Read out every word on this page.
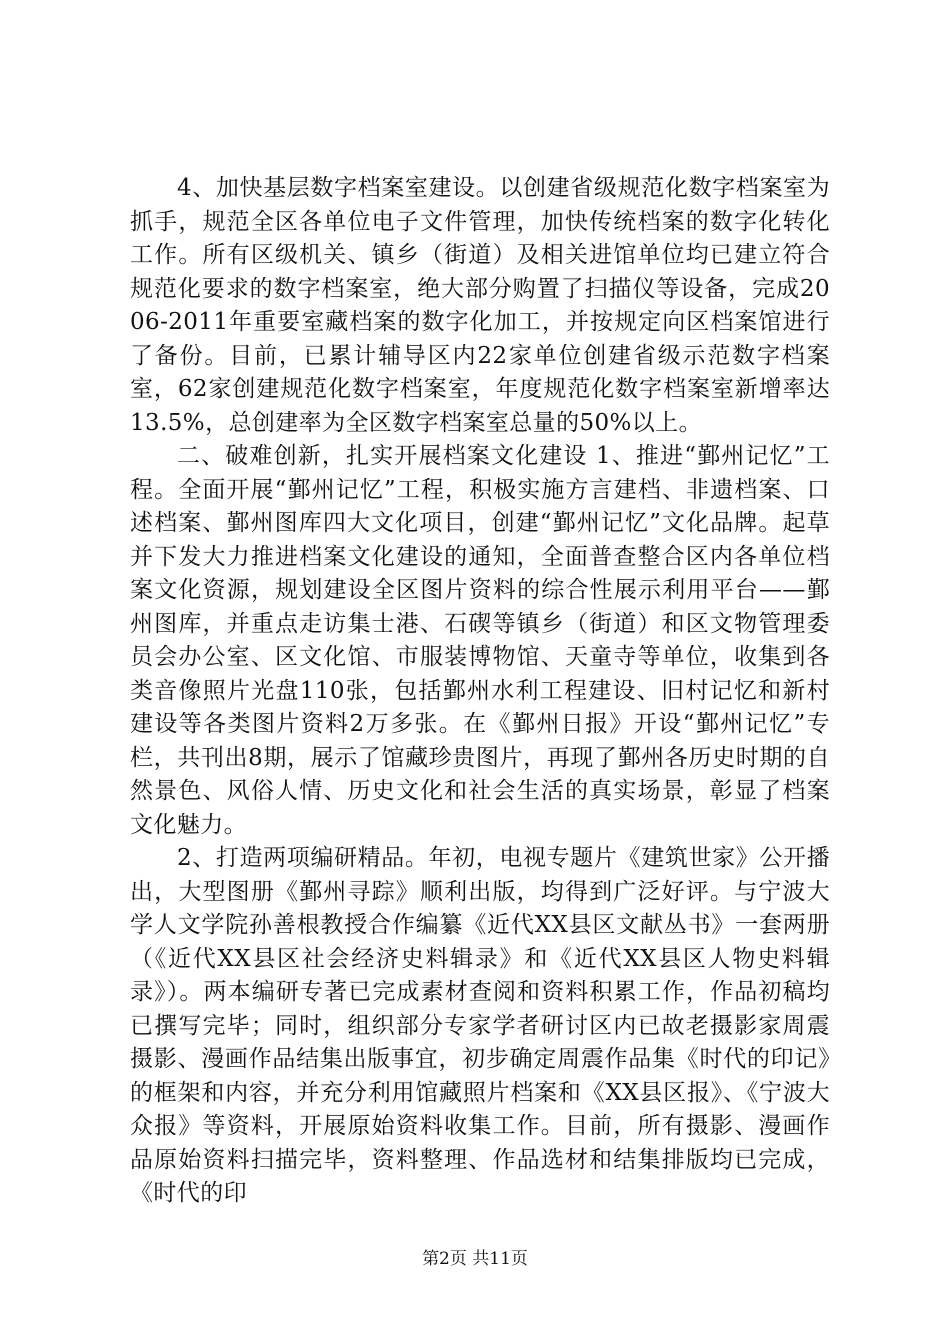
4、加快基层数字档案室建设。以创建省级规范化数字档案室为抓手，规范全区各单位电子文件管理，加快传统档案的数字化转化工作。所有区级机关、镇乡（街道）及相关进馆单位均已建立符合规范化要求的数字档案室，绝大部分购置了扫描仪等设备，完成2006-2011年重要室藏档案的数字化加工，并按规定向区档案馆进行了备份。目前，已累计辅导区内22家单位创建省级示范数字档案室，62家创建规范化数字档案室，年度规范化数字档案室新增率达13.5%，总创建率为全区数字档案室总量的50%以上。

二、破难创新，扎实开展档案文化建设 1、推进“鄞州记忆”工程。全面开展“鄞州记忆”工程，积极实施方言建档、非遗档案、口述档案、鄞州图库四大文化项目，创建“鄞州记忆”文化品牌。起草并下发大力推进档案文化建设的通知，全面普查整合区内各单位档案文化资源，规划建设全区图片资料的综合性展示利用平台——鄞州图库，并重点走访集士港、石碶等镇乡（街道）和区文物管理委员会办公室、区文化馆、市服装博物馆、天童寺等单位，收集到各类音像照片光盘110张，包括鄞州水利工程建设、旧村记忆和新村建设等各类图片资料2万多张。在《鄞州日报》开设“鄞州记忆”专栏，共刊出8期，展示了馆藏珍贵图片，再现了鄞州各历史时期的自然景色、风俗人情、历史文化和社会生活的真实场景，彰显了档案文化魅力。

2、打造两项编研精品。年初，电视专题片《建筑世家》公开播出，大型图册《鄞州寻踪》顺利出版，均得到广泛好评。与宁波大学人文学院孙善根教授合作编纂《近代XX县区文献丛书》一套两册（《近代XX县区社会经济史料辑录》和《近代XX县区人物史料辑录》）。两本编研专著已完成素材查阅和资料积累工作，作品初稿均已撰写完毕；同时，组织部分专家学者研讨区内已故老摄影家周震摄影、漫画作品结集出版事宜，初步确定周震作品集《时代的印记》的框架和内容，并充分利用馆藏照片档案和《XX县区报》、《宁波大众报》等资料，开展原始资料收集工作。目前，所有摄影、漫画作品原始资料扫描完毕，资料整理、作品选材和结集排版均已完成，《时代的印

第2页 共11页
